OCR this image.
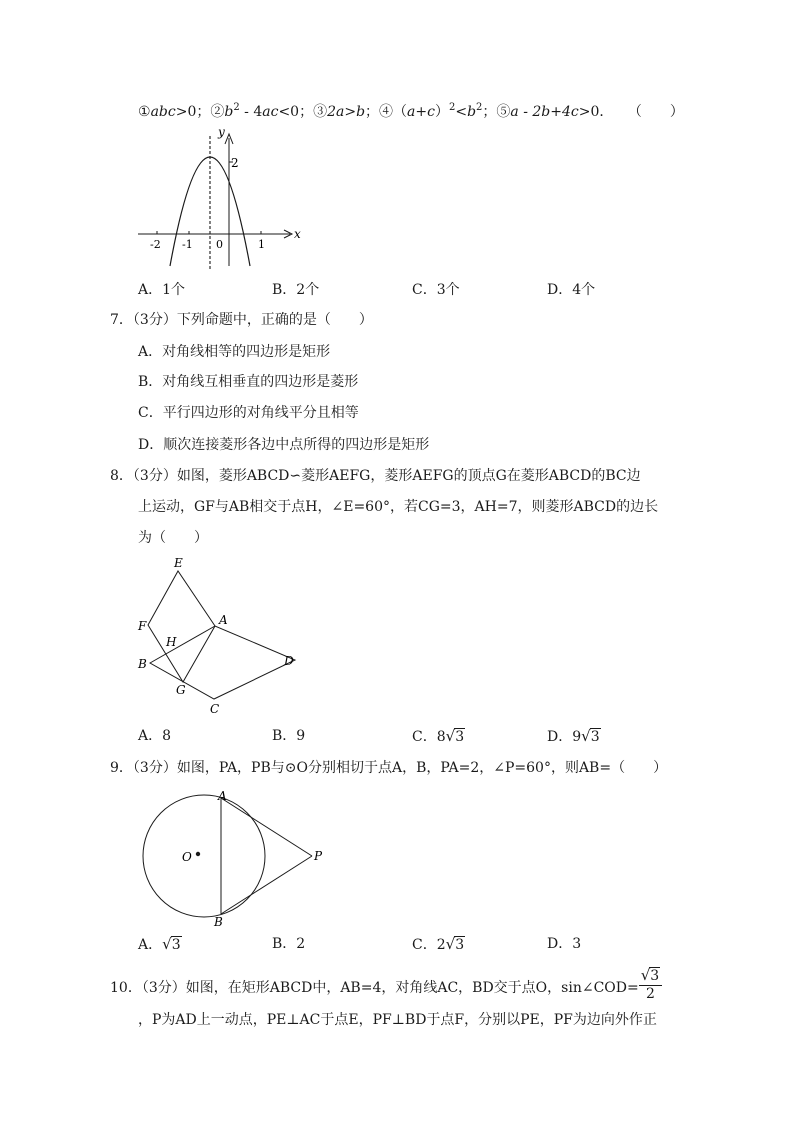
①abc>0；$②b^2 - 4ac<0$；③2a>b；$④(a+c)^2<b^2$；⑤a - 2b+4c>0． （　　）
x
y
2
-2 -1 0	1
A．1个	B．2个	C．3个	D．4个
7．（3分）下列命题中，正确的是（　　）
A．对角线相等的四边形是矩形
B．对角线互相垂直的四边形是菱形
C．平行四边形的对角线平分且相等
D．顺次连接菱形各边中点所得的四边形是矩形
8．（3分）如图，菱形ABCD∽菱形AEFG，菱形AEFG的顶点G在菱形ABCD的BC边
上运动，GF与AB相交于点H，∠E=60°，若CG=3，AH=7，则菱形ABCD的边长
为（　　）
E
F	A
H
B	D
G
C
A．8	B．9	C．8√3	D．9√3
9．（3分）如图，PA，PB与⊙O分别相切于点A，B，PA=2，∠P=60°，则AB=（　　）
A
O	P
B
A．√3	B．2	C．2√3	D．3
10．（3分）如图，在矩形ABCD中，AB=4，对角线AC，BD交于点O，sin∠COD= $\frac{√3}{2}$
，P为AD上一动点，PE⊥AC于点E，PF⊥BD于点F，分别以PE，PF为边向外作正
